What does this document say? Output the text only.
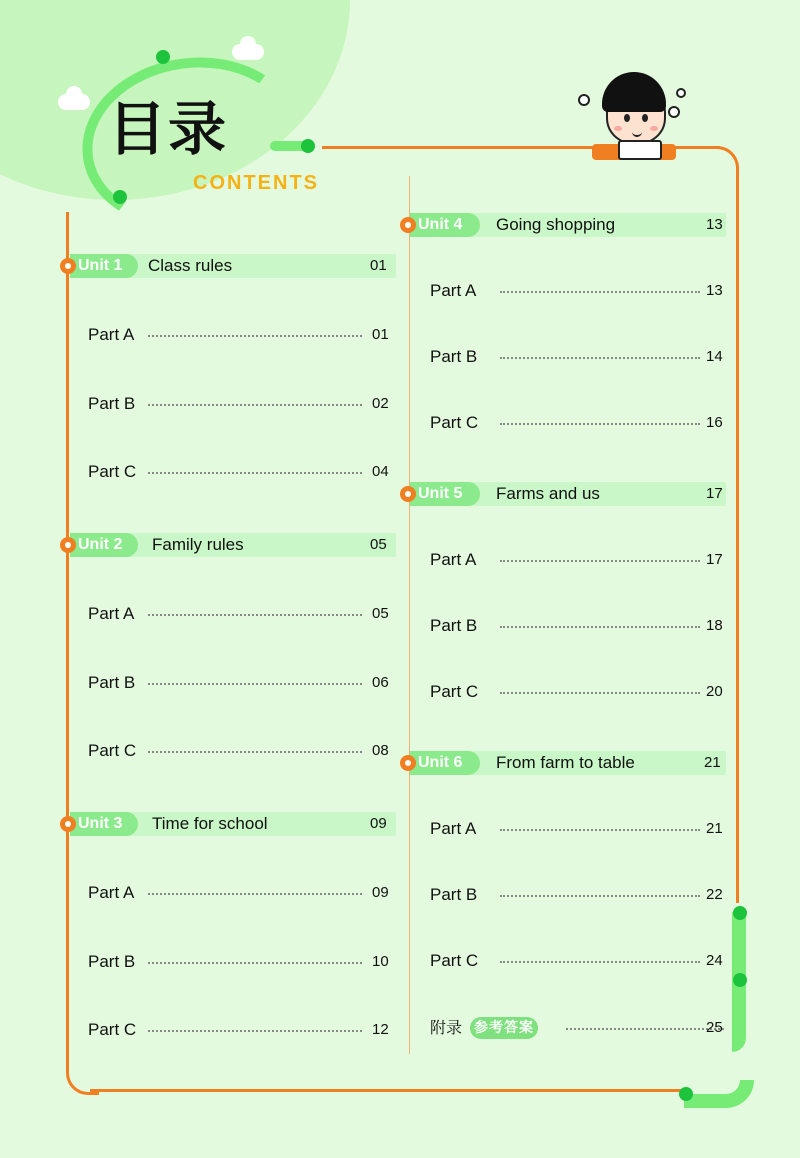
目录
CONTENTS
Unit 1	Class rules	01
Part A	01
Part B	02
Part C	04
Unit 2	Family rules	05
Part A	05
Part B	06
Part C	08
Unit 3	Time for school	09
Part A	09
Part B	10
Part C	12
Unit 4	Going shopping	13
Part A	13
Part B	14
Part C	16
Unit 5	Farms and us	17
Part A	17
Part B	18
Part C	20
Unit 6	From farm to table	21
Part A	21
Part B	22
Part C	24
附录 参考答案	25
